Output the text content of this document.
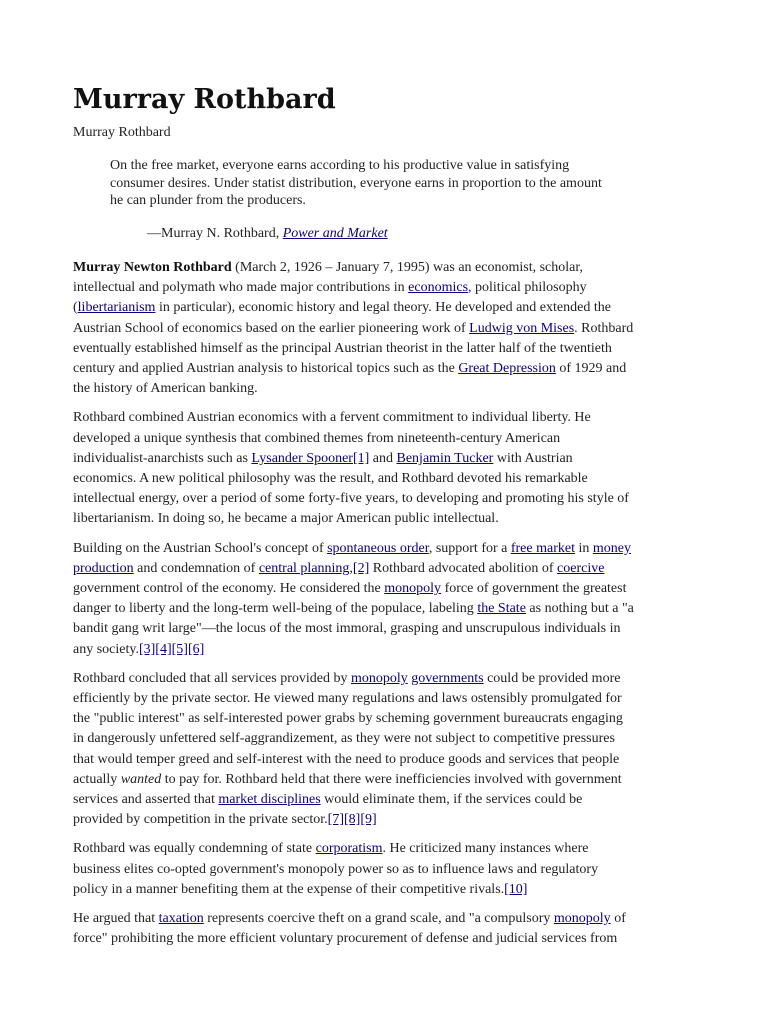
Murray Rothbard
Murray Rothbard
On the free market, everyone earns according to his productive value in satisfying
consumer desires. Under statist distribution, everyone earns in proportion to the amount
he can plunder from the producers.
—Murray N. Rothbard, Power and Market

Murray Newton Rothbard (March 2, 1926 – January 7, 1995) was an economist, scholar,
intellectual and polymath who made major contributions in economics, political philosophy
(libertarianism in particular), economic history and legal theory. He developed and extended the
Austrian School of economics based on the earlier pioneering work of Ludwig von Mises. Rothbard
eventually established himself as the principal Austrian theorist in the latter half of the twentieth
century and applied Austrian analysis to historical topics such as the Great Depression of 1929 and
the history of American banking.

Rothbard combined Austrian economics with a fervent commitment to individual liberty. He
developed a unique synthesis that combined themes from nineteenth-century American
individualist-anarchists such as Lysander Spooner[1] and Benjamin Tucker with Austrian
economics. A new political philosophy was the result, and Rothbard devoted his remarkable
intellectual energy, over a period of some forty-five years, to developing and promoting his style of
libertarianism. In doing so, he became a major American public intellectual.

Building on the Austrian School's concept of spontaneous order, support for a free market in money
production and condemnation of central planning,[2] Rothbard advocated abolition of coercive
government control of the economy. He considered the monopoly force of government the greatest
danger to liberty and the long-term well-being of the populace, labeling the State as nothing but a "a
bandit gang writ large"—the locus of the most immoral, grasping and unscrupulous individuals in
any society.[3][4][5][6]

Rothbard concluded that all services provided by monopoly governments could be provided more
efficiently by the private sector. He viewed many regulations and laws ostensibly promulgated for
the "public interest" as self-interested power grabs by scheming government bureaucrats engaging
in dangerously unfettered self-aggrandizement, as they were not subject to competitive pressures
that would temper greed and self-interest with the need to produce goods and services that people
actually wanted to pay for. Rothbard held that there were inefficiencies involved with government
services and asserted that market disciplines would eliminate them, if the services could be
provided by competition in the private sector.[7][8][9]

Rothbard was equally condemning of state corporatism. He criticized many instances where
business elites co-opted government's monopoly power so as to influence laws and regulatory
policy in a manner benefiting them at the expense of their competitive rivals.[10]

He argued that taxation represents coercive theft on a grand scale, and "a compulsory monopoly of
force" prohibiting the more efficient voluntary procurement of defense and judicial services from
